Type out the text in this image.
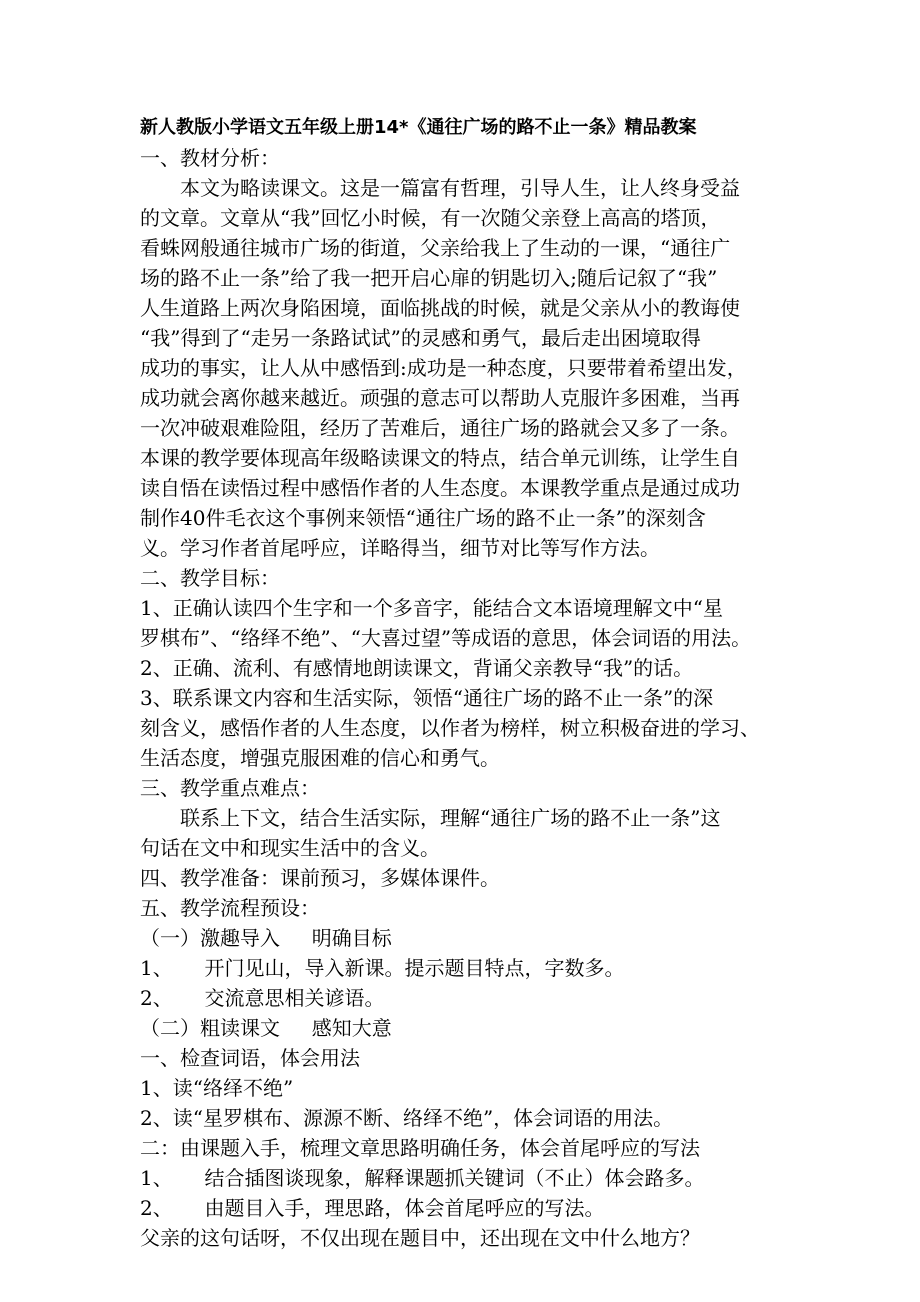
新人教版小学语文五年级上册14*《通往广场的路不止一条》精品教案

一、教材分析：

本文为略读课文。这是一篇富有哲理，引导人生，让人终身受益

的文章。文章从“我”回忆小时候，有一次随父亲登上高高的塔顶，

看蛛网般通往城市广场的街道，父亲给我上了生动的一课，“通往广

场的路不止一条”给了我一把开启心扉的钥匙切入;随后记叙了“我”

人生道路上两次身陷困境，面临挑战的时候，就是父亲从小的教诲使

“我”得到了“走另一条路试试”的灵感和勇气，最后走出困境取得

成功的事实，让人从中感悟到:成功是一种态度，只要带着希望出发，

成功就会离你越来越近。顽强的意志可以帮助人克服许多困难，当再

一次冲破艰难险阻，经历了苦难后，通往广场的路就会又多了一条。

本课的教学要体现高年级略读课文的特点，结合单元训练，让学生自

读自悟在读悟过程中感悟作者的人生态度。本课教学重点是通过成功

制作40件毛衣这个事例来领悟“通往广场的路不止一条”的深刻含

义。学习作者首尾呼应，详略得当，细节对比等写作方法。

二、教学目标：

1、正确认读四个生字和一个多音字，能结合文本语境理解文中“星

罗棋布”、“络绎不绝”、“大喜过望”等成语的意思，体会词语的用法。

2、正确、流利、有感情地朗读课文，背诵父亲教导“我”的话。

3、联系课文内容和生活实际，领悟“通往广场的路不止一条”的深

刻含义，感悟作者的人生态度，以作者为榜样，树立积极奋进的学习、

生活态度，增强克服困难的信心和勇气。

三、教学重点难点：

联系上下文，结合生活实际，理解“通往广场的路不止一条”这

句话在文中和现实生活中的含义。

四、教学准备：课前预习，多媒体课件。

五、教学流程预设：

（一）激趣导入     明确目标

1、     开门见山，导入新课。提示题目特点，字数多。

2、     交流意思相关谚语。

（二）粗读课文     感知大意

一、检查词语，体会用法

1、读“络绎不绝”

2、读“星罗棋布、源源不断、络绎不绝”，体会词语的用法。

二：由课题入手，梳理文章思路明确任务，体会首尾呼应的写法

1、     结合插图谈现象，解释课题抓关键词（不止）体会路多。

2、     由题目入手，理思路，体会首尾呼应的写法。

父亲的这句话呀，不仅出现在题目中，还出现在文中什么地方？
